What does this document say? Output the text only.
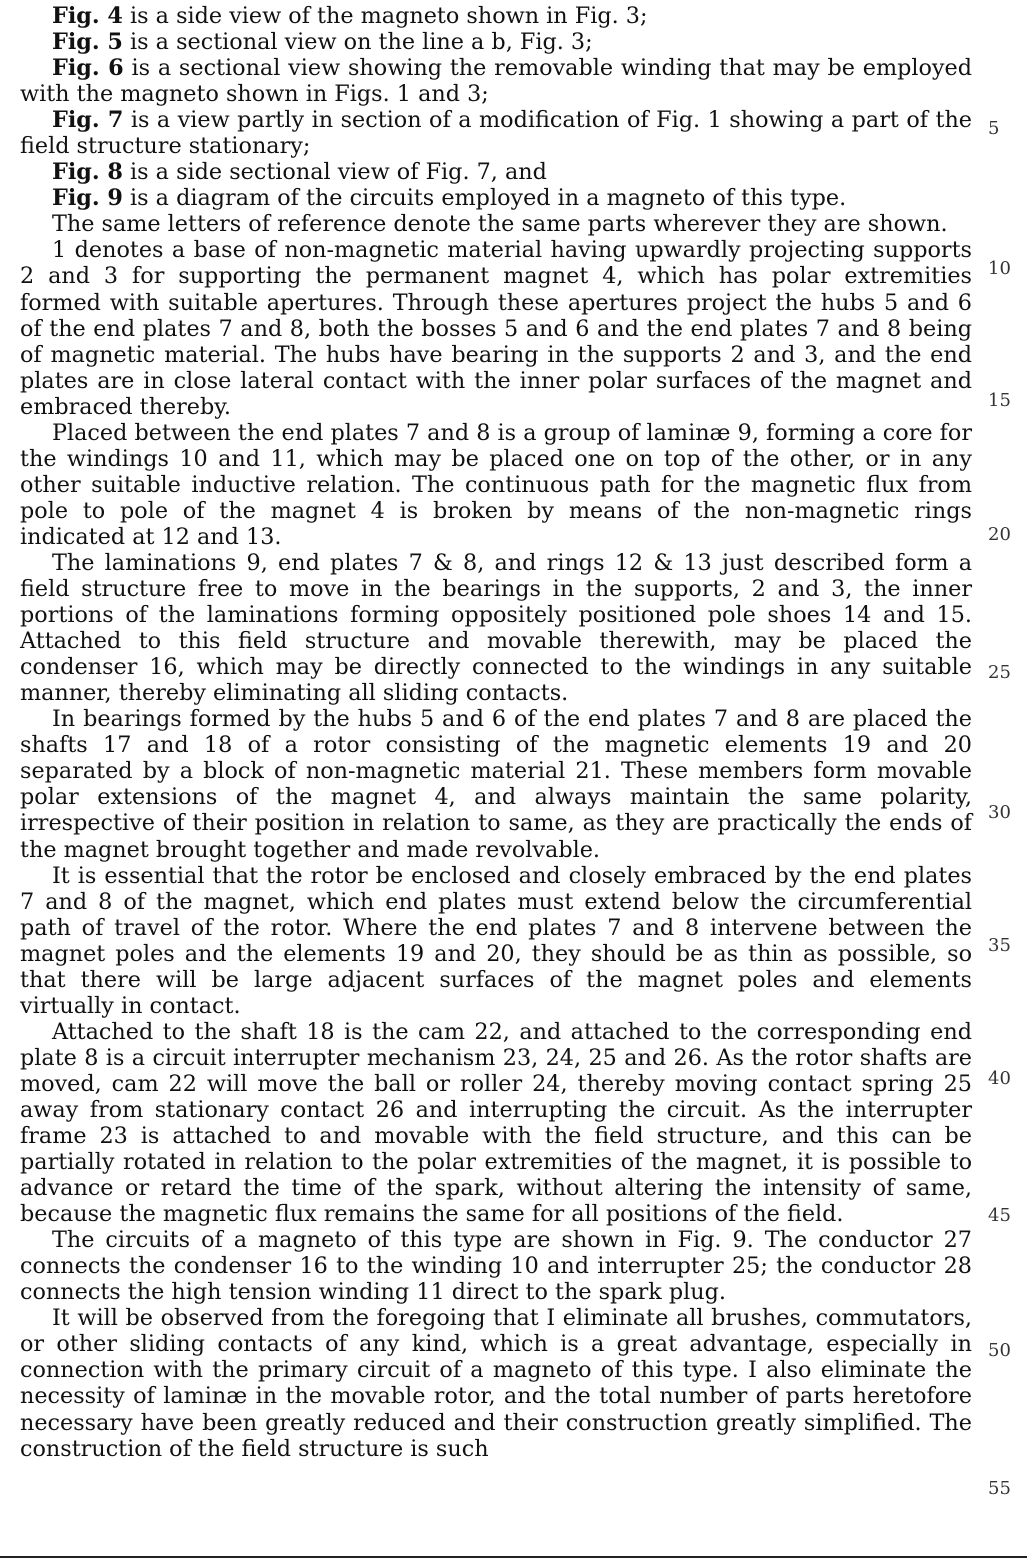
Fig. 4 is a side view of the magneto shown in Fig. 3;

Fig. 5 is a sectional view on the line a b, Fig. 3;

Fig. 6 is a sectional view showing the removable winding that may be employed with the magneto shown in Figs. 1 and 3;

Fig. 7 is a view partly in section of a modification of Fig. 1 showing a part of the field structure stationary;

Fig. 8 is a side sectional view of Fig. 7, and

Fig. 9 is a diagram of the circuits employed in a magneto of this type.

The same letters of reference denote the same parts wherever they are shown.

1 denotes a base of non-magnetic material having upwardly projecting supports 2 and 3 for supporting the permanent magnet 4, which has polar extremities formed with suitable apertures. Through these apertures project the hubs 5 and 6 of the end plates 7 and 8, both the bosses 5 and 6 and the end plates 7 and 8 being of magnetic material. The hubs have bearing in the supports 2 and 3, and the end plates are in close lateral contact with the inner polar surfaces of the magnet and embraced thereby.

Placed between the end plates 7 and 8 is a group of laminæ 9, forming a core for the windings 10 and 11, which may be placed one on top of the other, or in any other suitable inductive relation. The continuous path for the magnetic flux from pole to pole of the magnet 4 is broken by means of the non-magnetic rings indicated at 12 and 13.

The laminations 9, end plates 7 & 8, and rings 12 & 13 just described form a field structure free to move in the bearings in the supports, 2 and 3, the inner portions of the laminations forming oppositely positioned pole shoes 14 and 15. Attached to this field structure and movable therewith, may be placed the condenser 16, which may be directly connected to the windings in any suitable manner, thereby eliminating all sliding contacts.

In bearings formed by the hubs 5 and 6 of the end plates 7 and 8 are placed the shafts 17 and 18 of a rotor consisting of the magnetic elements 19 and 20 separated by a block of non-magnetic material 21. These members form movable polar extensions of the magnet 4, and always maintain the same polarity, irrespective of their position in relation to same, as they are practically the ends of the magnet brought together and made revolvable.

It is essential that the rotor be enclosed and closely embraced by the end plates 7 and 8 of the magnet, which end plates must extend below the circumferential path of travel of the rotor. Where the end plates 7 and 8 intervene between the magnet poles and the elements 19 and 20, they should be as thin as possible, so that there will be large adjacent surfaces of the magnet poles and elements virtually in contact.

Attached to the shaft 18 is the cam 22, and attached to the corresponding end plate 8 is a circuit interrupter mechanism 23, 24, 25 and 26. As the rotor shafts are moved, cam 22 will move the ball or roller 24, thereby moving contact spring 25 away from stationary contact 26 and interrupting the circuit. As the interrupter frame 23 is attached to and movable with the field structure, and this can be partially rotated in relation to the polar extremities of the magnet, it is possible to advance or retard the time of the spark, without altering the intensity of same, because the magnetic flux remains the same for all positions of the field.

The circuits of a magneto of this type are shown in Fig. 9. The conductor 27 connects the condenser 16 to the winding 10 and interrupter 25; the conductor 28 connects the high tension winding 11 direct to the spark plug.

It will be observed from the foregoing that I eliminate all brushes, commutators, or other sliding contacts of any kind, which is a great advantage, especially in connection with the primary circuit of a magneto of this type. I also eliminate the necessity of laminæ in the movable rotor, and the total number of parts heretofore necessary have been greatly reduced and their construction greatly simplified. The construction of the field structure is such

5
10
15
20
25
30
35
40
45
50
55
